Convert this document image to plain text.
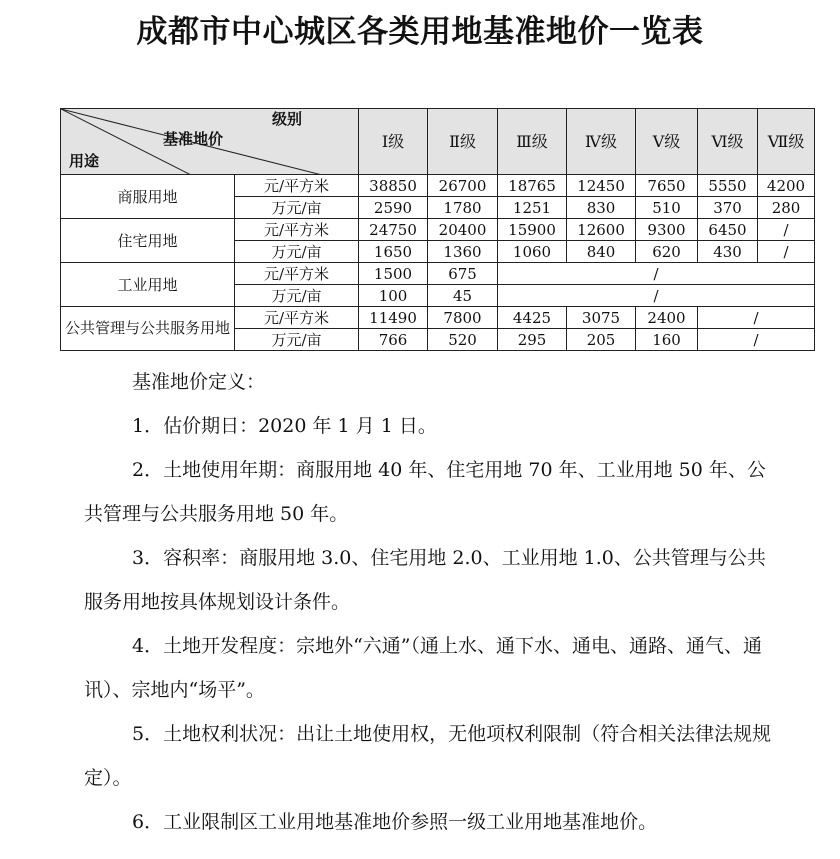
成都市中心城区各类用地基准地价一览表
级别
基准地价
用途		Ⅰ级	Ⅱ级	Ⅲ级	Ⅳ级	Ⅴ级	Ⅵ级	Ⅶ级
商服用地	元/平方米	38850	26700	18765	12450	7650	5550	4200
	万元/亩	2590	1780	1251	830	510	370	280
住宅用地	元/平方米	24750	20400	15900	12600	9300	6450	/
	万元/亩	1650	1360	1060	840	620	430	/
工业用地	元/平方米	1500	675	/				
	万元/亩	100	45	/				
公共管理与公共服务用地	元/平方米	11490	7800	4425	3075	2400	/	
	万元/亩	766	520	295	205	160	/	

基准地价定义：

1．估价期日：2020 年 1 月 1 日。

2．土地使用年期：商服用地 40 年、住宅用地 70 年、工业用地 50 年、公共管理与公共服务用地 50 年。

3．容积率：商服用地 3.0、住宅用地 2.0、工业用地 1.0、公共管理与公共服务用地按具体规划设计条件。

4．土地开发程度：宗地外“六通”（通上水、通下水、通电、通路、通气、通讯）、宗地内“场平”。

5．土地权利状况：出让土地使用权，无他项权利限制（符合相关法律法规规定）。

6．工业限制区工业用地基准地价参照一级工业用地基准地价。
